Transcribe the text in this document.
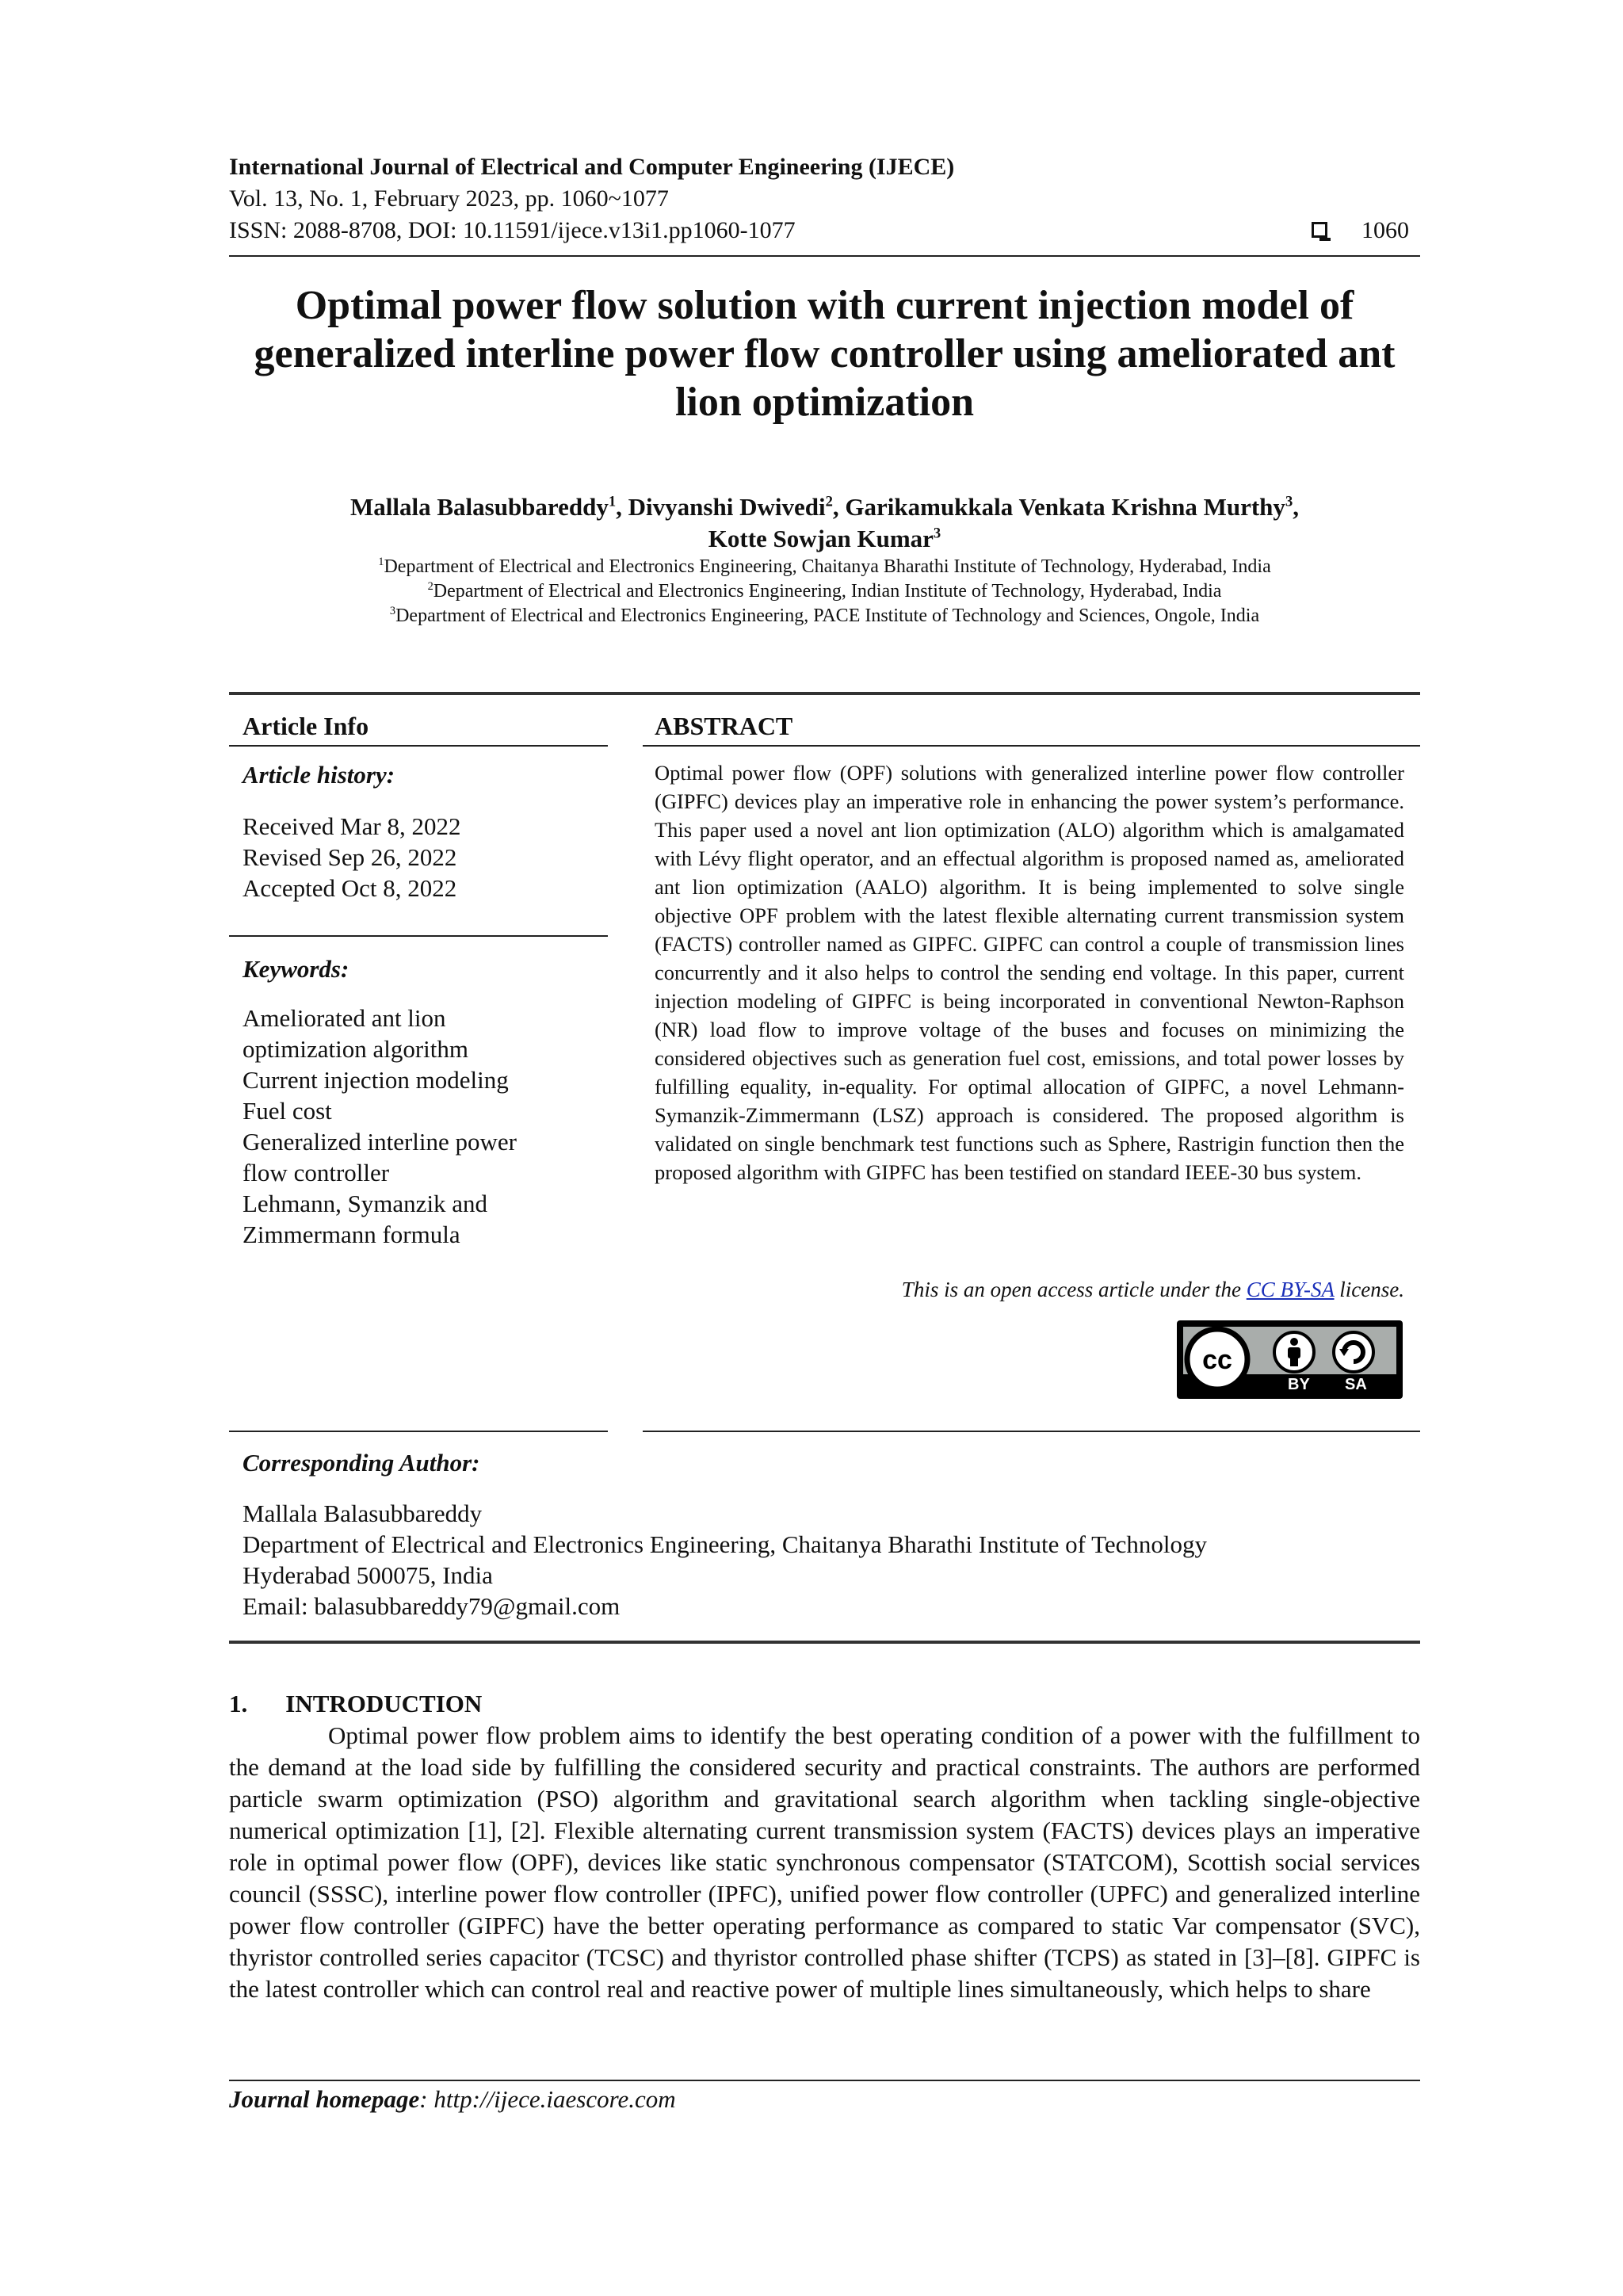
International Journal of Electrical and Computer Engineering (IJECE)
Vol. 13, No. 1, February 2023, pp. 1060~1077
ISSN: 2088-8708, DOI: 10.11591/ijece.v13i1.pp1060-1077	1060
Optimal power flow solution with current injection model of generalized interline power flow controller using ameliorated ant lion optimization
Mallala Balasubbareddy$^1$, Divyanshi Dwivedi$^2$, Garikamukkala Venkata Krishna Murthy$^3$,
Kotte Sowjan Kumar$^3$
$^1$Department of Electrical and Electronics Engineering, Chaitanya Bharathi Institute of Technology, Hyderabad, India
$^2$Department of Electrical and Electronics Engineering, Indian Institute of Technology, Hyderabad, India
$^3$Department of Electrical and Electronics Engineering, PACE Institute of Technology and Sciences, Ongole, India
Article Info
Article history:
Received Mar 8, 2022
Revised Sep 26, 2022
Accepted Oct 8, 2022
Keywords:
Ameliorated ant lion
optimization algorithm
Current injection modeling
Fuel cost
Generalized interline power
flow controller
Lehmann, Symanzik and
Zimmermann formula
ABSTRACT
Optimal power flow (OPF) solutions with generalized interline power flow controller (GIPFC) devices play an imperative role in enhancing the power system’s performance. This paper used a novel ant lion optimization (ALO) algorithm which is amalgamated with Lévy flight operator, and an effectual algorithm is proposed named as, ameliorated ant lion optimization (AALO) algorithm. It is being implemented to solve single objective OPF problem with the latest flexible alternating current transmission system (FACTS) controller named as GIPFC. GIPFC can control a couple of transmission lines concurrently and it also helps to control the sending end voltage. In this paper, current injection modeling of GIPFC is being incorporated in conventional Newton-Raphson (NR) load flow to improve voltage of the buses and focuses on minimizing the considered objectives such as generation fuel cost, emissions, and total power losses by fulfilling equality, in-equality. For optimal allocation of GIPFC, a novel Lehmann-Symanzik-Zimmermann (LSZ) approach is considered. The proposed algorithm is validated on single benchmark test functions such as Sphere, Rastrigin function then the proposed algorithm with GIPFC has been testified on standard IEEE-30 bus system.
This is an open access article under the CC BY-SA license.
cc
BY SA
Corresponding Author:
Mallala Balasubbareddy
Department of Electrical and Electronics Engineering, Chaitanya Bharathi Institute of Technology
Hyderabad 500075, India
Email: balasubbareddy79@gmail.com
1. INTRODUCTION
Optimal power flow problem aims to identify the best operating condition of a power with the fulfillment to the demand at the load side by fulfilling the considered security and practical constraints. The authors are performed particle swarm optimization (PSO) algorithm and gravitational search algorithm when tackling single-objective numerical optimization [1], [2]. Flexible alternating current transmission system (FACTS) devices plays an imperative role in optimal power flow (OPF), devices like static synchronous compensator (STATCOM), Scottish social services council (SSSC), interline power flow controller (IPFC), unified power flow controller (UPFC) and generalized interline power flow controller (GIPFC) have the better operating performance as compared to static Var compensator (SVC), thyristor controlled series capacitor (TCSC) and thyristor controlled phase shifter (TCPS) as stated in [3]–[8]. GIPFC is the latest controller which can control real and reactive power of multiple lines simultaneously, which helps to share
Journal homepage: http://ijece.iaescore.com
